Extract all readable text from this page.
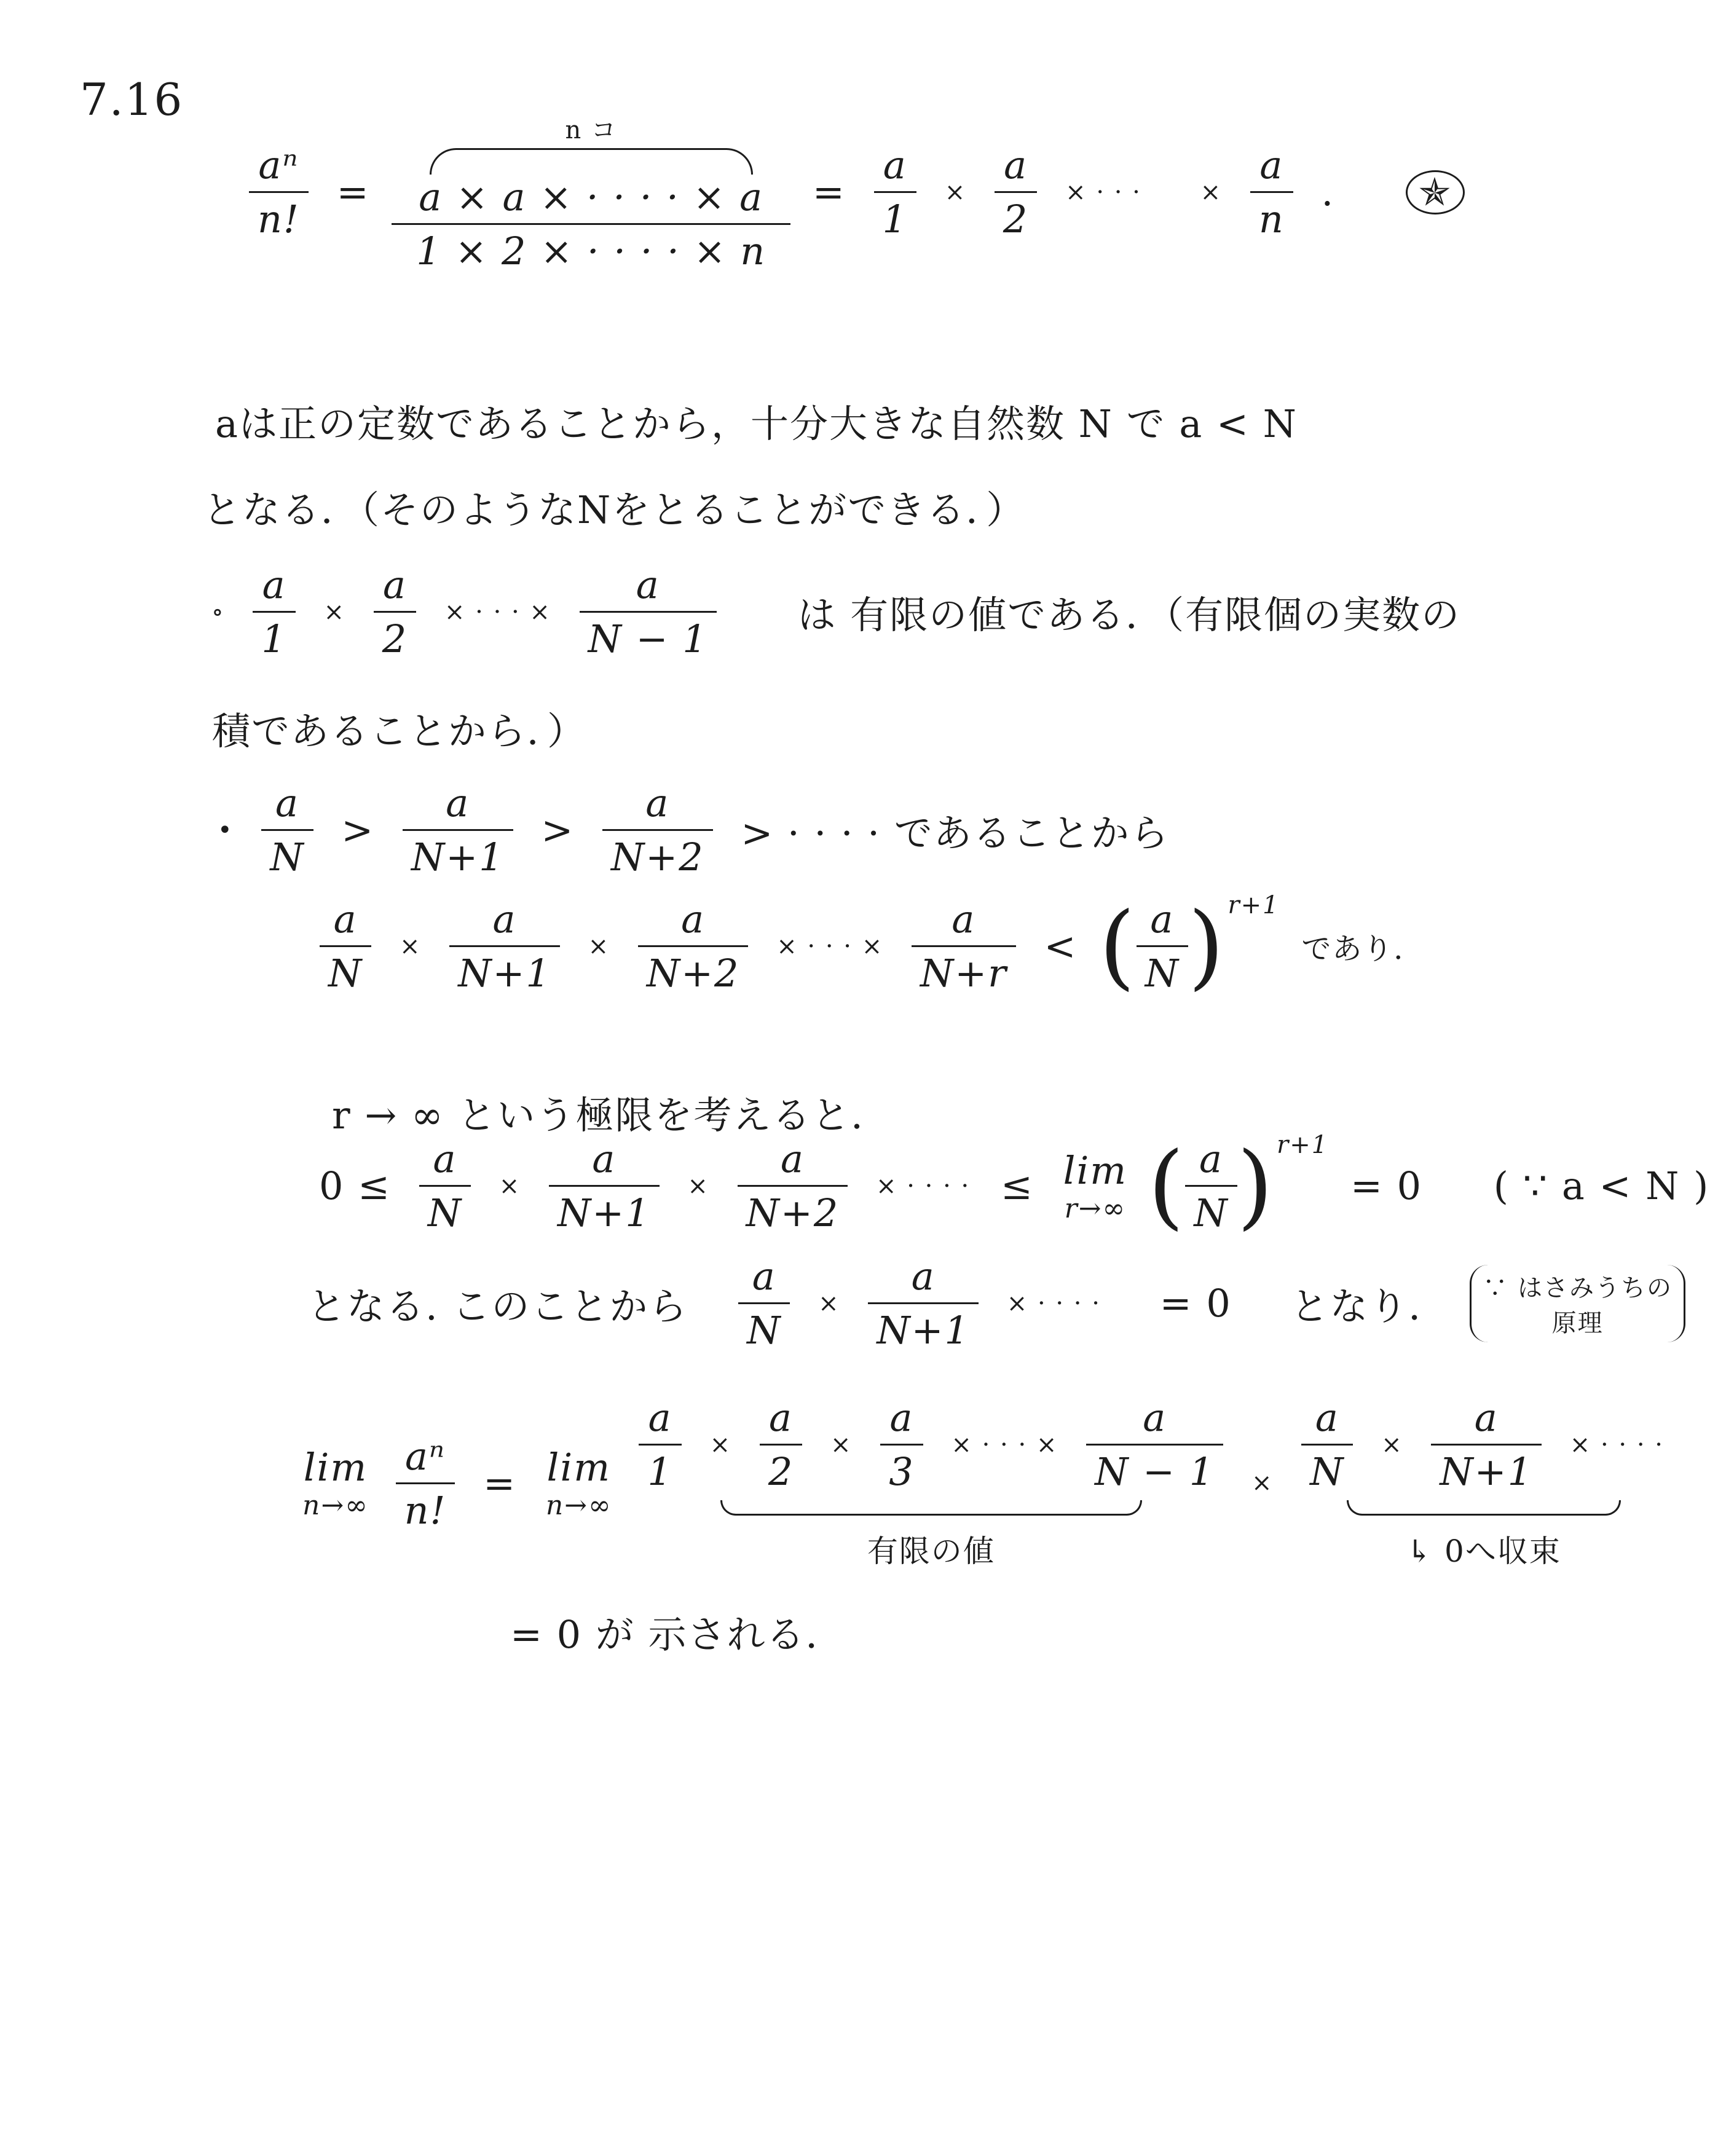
7.16
$\frac{\text{aⁿ}}{n!}$ =
n コ
$\frac{a \times a \times \cdot \cdot \cdot \cdot \times a}{1 \times 2 \times \cdot \cdot \cdot \cdot \times n} = \frac{a}{1} \times \frac{a}{2}$ × · · · × $\frac{a}{n}$ . ✯
aは正の定数であることから，十分大きな自然数 N で a < N
となる．（そのようなNをとることができる．）
∘ $\frac{a}{1} \times \frac{a}{2}$ × · · · × $\frac{a}{N - 1}$ は 有限の値である．（有限個の実数の
積であることから．）
• $\frac{a}{N} > \frac{a}{N+1} > \frac{a}{N+2}$ > · · · · であることから
$\frac{a}{N} \times \frac{a}{N+1} \times \frac{a}{N+2}$ × · · · × $\frac{a}{N+r}$ < ( $\frac{a}{N}$ ) $^{r+1}$ であり．
r → ∞ という極限を考えると．
$0 \le \frac{a}{N} \times \frac{a}{N+1} \times \frac{a}{N+2}$ × · · · · ≤ lim
r→∞ ( $\frac{a}{N}$ ) $^{r+1}$ = 0 ( ∵ a < N )
となる. このことから $\frac{a}{N} \times \frac{a}{N+1}$ × · · · · = 0 となり． ∵ はさみうちの
原理
lim
n→∞
$\frac{\text{aⁿ}}{n!} = \lim$
n→∞

$\frac{a}{1} \times \frac{a}{2} \times \frac{a}{3}$ × · · · × $\frac{a}{N - 1}$
有限の値
× $\frac{a}{N} \times \frac{a}{N+1}$ × · · · ·
↳ 0へ収束
= 0 が 示される．
